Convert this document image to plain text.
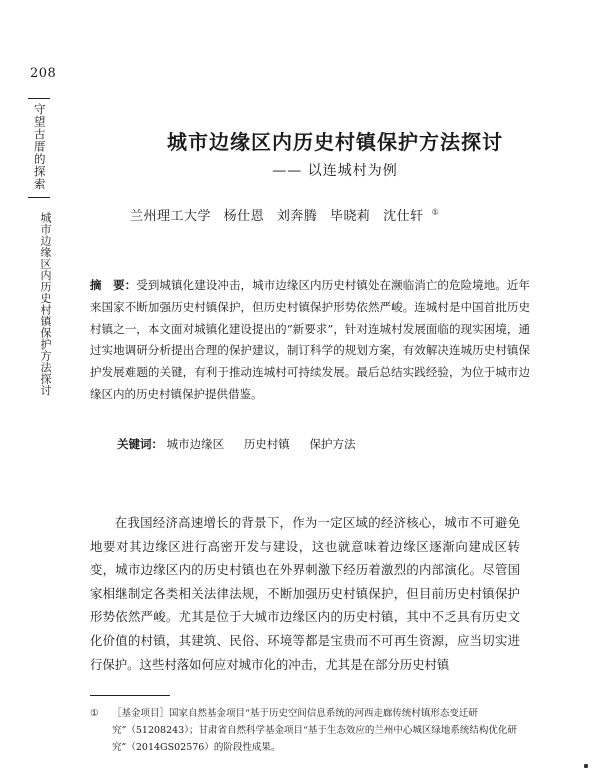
208
守望古厝的探索
城市边缘区内历史村镇保护方法探讨
城市边缘区内历史村镇保护方法探讨
—— 以连城村为例
兰州理工大学 杨仕恩 刘奔腾 毕晓莉 沈仕轩 ①
摘　要：受到城镇化建设冲击，城市边缘区内历史村镇处在濒临消亡的危险境地。近年来国家不断加强历史村镇保护，但历史村镇保护形势依然严峻。连城村是中国首批历史村镇之一，本文面对城镇化建设提出的“新要求”，针对连城村发展面临的现实困境，通过实地调研分析提出合理的保护建议，制订科学的规划方案，有效解决连城历史村镇保护发展难题的关键，有利于推动连城村可持续发展。最后总结实践经验，为位于城市边缘区内的历史村镇保护提供借鉴。
关键词： 城市边缘区 历史村镇 保护方法

在我国经济高速增长的背景下，作为一定区域的经济核心，城市不可避免地要对其边缘区进行高密开发与建设，这也就意味着边缘区逐渐向建成区转变，城市边缘区内的历史村镇也在外界刺激下经历着激烈的内部演化。尽管国家相继制定各类相关法律法规，不断加强历史村镇保护，但目前历史村镇保护形势依然严峻。尤其是位于大城市边缘区内的历史村镇，其中不乏具有历史文化价值的村镇，其建筑、民俗、环境等都是宝贵而不可再生资源，应当切实进行保护。这些村落如何应对城市化的冲击，尤其是在部分历史村镇

① ［基金项目］国家自然基金项目“基于历史空间信息系统的河西走廊传统村镇形态变迁研究”（51208243）；甘肃省自然科学基金项目“基于生态效应的兰州中心城区绿地系统结构优化研究”（2014GS02576）的阶段性成果。
